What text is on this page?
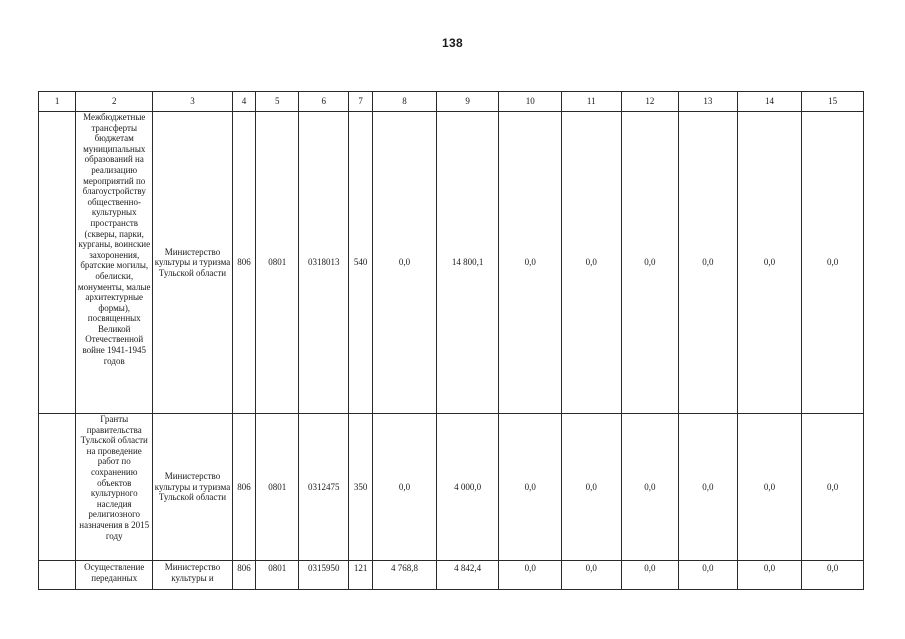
138
1	2	3	4	5	6	7	8	9	10	11	12	13	14	15
	Межбюджетные трансферты бюджетам муниципальных образований на реализацию мероприятий по благоустройству общественно-культурных пространств (скверы, парки, курганы, воинские захоронения, братские могилы, обелиски, монументы, малые архитектурные формы), посвященных Великой Отечественной войне 1941-1945 годов	Министерство культуры и туризма Тульской области	806	0801	0318013	540	0,0	14 800,1	0,0	0,0	0,0	0,0	0,0	0,0
	Гранты правительства Тульской области на проведение работ по сохранению объектов культурного наследия религиозного назначения в 2015 году	Министерство культуры и туризма Тульской области	806	0801	0312475	350	0,0	4 000,0	0,0	0,0	0,0	0,0	0,0	0,0
	Осуществление переданных	Министерство культуры и	806	0801	0315950	121	4 768,8	4 842,4	0,0	0,0	0,0	0,0	0,0	0,0
